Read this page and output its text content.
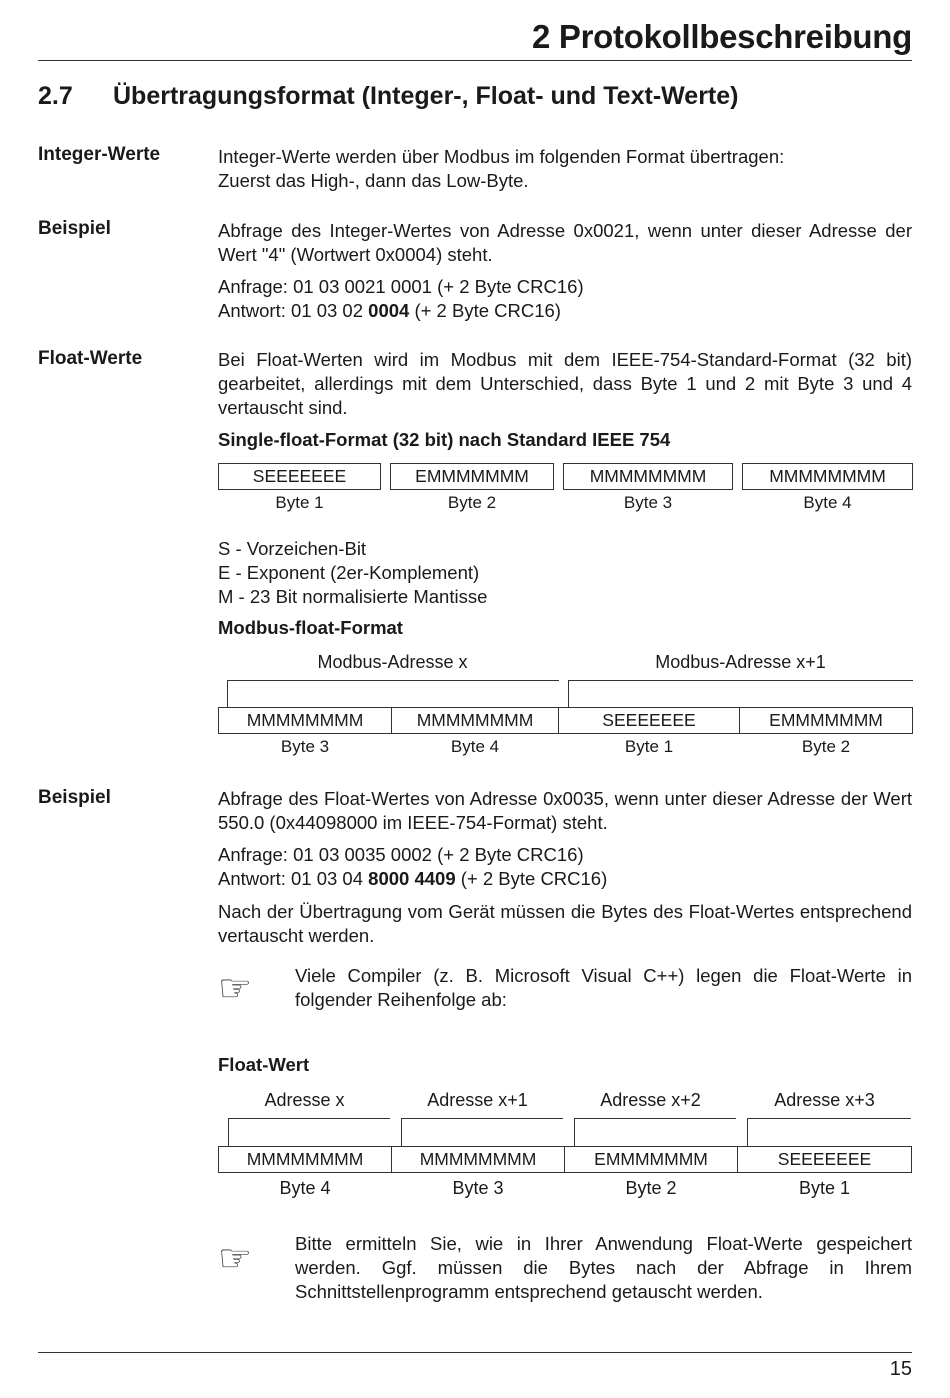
2 Protokollbeschreibung
2.7 Übertragungsformat (Integer-, Float- und Text-Werte)
Integer-Werte	Integer-Werte werden über Modbus im folgenden Format übertragen:

Zuerst das High-, dann das Low-Byte.

Beispiel	Abfrage des Integer-Wertes von Adresse 0x0021, wenn unter dieser Adresse der Wert "4" (Wortwert 0x0004) steht.

Anfrage: 01 03 0021 0001 (+ 2 Byte CRC16)

Antwort: 01 03 02 0004 (+ 2 Byte CRC16)

Float-Werte	Bei Float-Werten wird im Modbus mit dem IEEE-754-Standard-Format (32 bit) gearbeitet, allerdings mit dem Unterschied, dass Byte 1 und 2 mit Byte 3 und 4 vertauscht sind.
Single-float-Format (32 bit) nach Standard IEEE 754
SEEEEEEE	EMMMMMMM	MMMMMMMM	MMMMMMMM
Byte 1	Byte 2	Byte 3	Byte 4

S - Vorzeichen-Bit

E - Exponent (2er-Komplement)

M - 23 Bit normalisierte Mantisse

Modbus-float-Format
Modbus-Adresse x	Modbus-Adresse x+1
MMMMMMMM	MMMMMMMM	SEEEEEEE	EMMMMMMM
Byte 3	Byte 4	Byte 1	Byte 2
Beispiel	Abfrage des Float-Wertes von Adresse 0x0035, wenn unter dieser Adresse der Wert 550.0 (0x44098000 im IEEE-754-Format) steht.

Anfrage: 01 03 0035 0002 (+ 2 Byte CRC16)

Antwort: 01 03 04 8000 4409 (+ 2 Byte CRC16)

Nach der Übertragung vom Gerät müssen die Bytes des Float-Wertes entsprechend vertauscht werden.
☞ Viele Compiler (z. B. Microsoft Visual C++) legen die Float-Werte in folgender Reihenfolge ab:
Float-Wert
Adresse x	Adresse x+1	Adresse x+2	Adresse x+3
MMMMMMMM	MMMMMMMM	EMMMMMMM	SEEEEEEE
Byte 4	Byte 3	Byte 2	Byte 1
☞ Bitte ermitteln Sie, wie in Ihrer Anwendung Float-Werte gespeichert werden. Ggf. müssen die Bytes nach der Abfrage in Ihrem Schnittstellenprogramm entsprechend getauscht werden.
15
